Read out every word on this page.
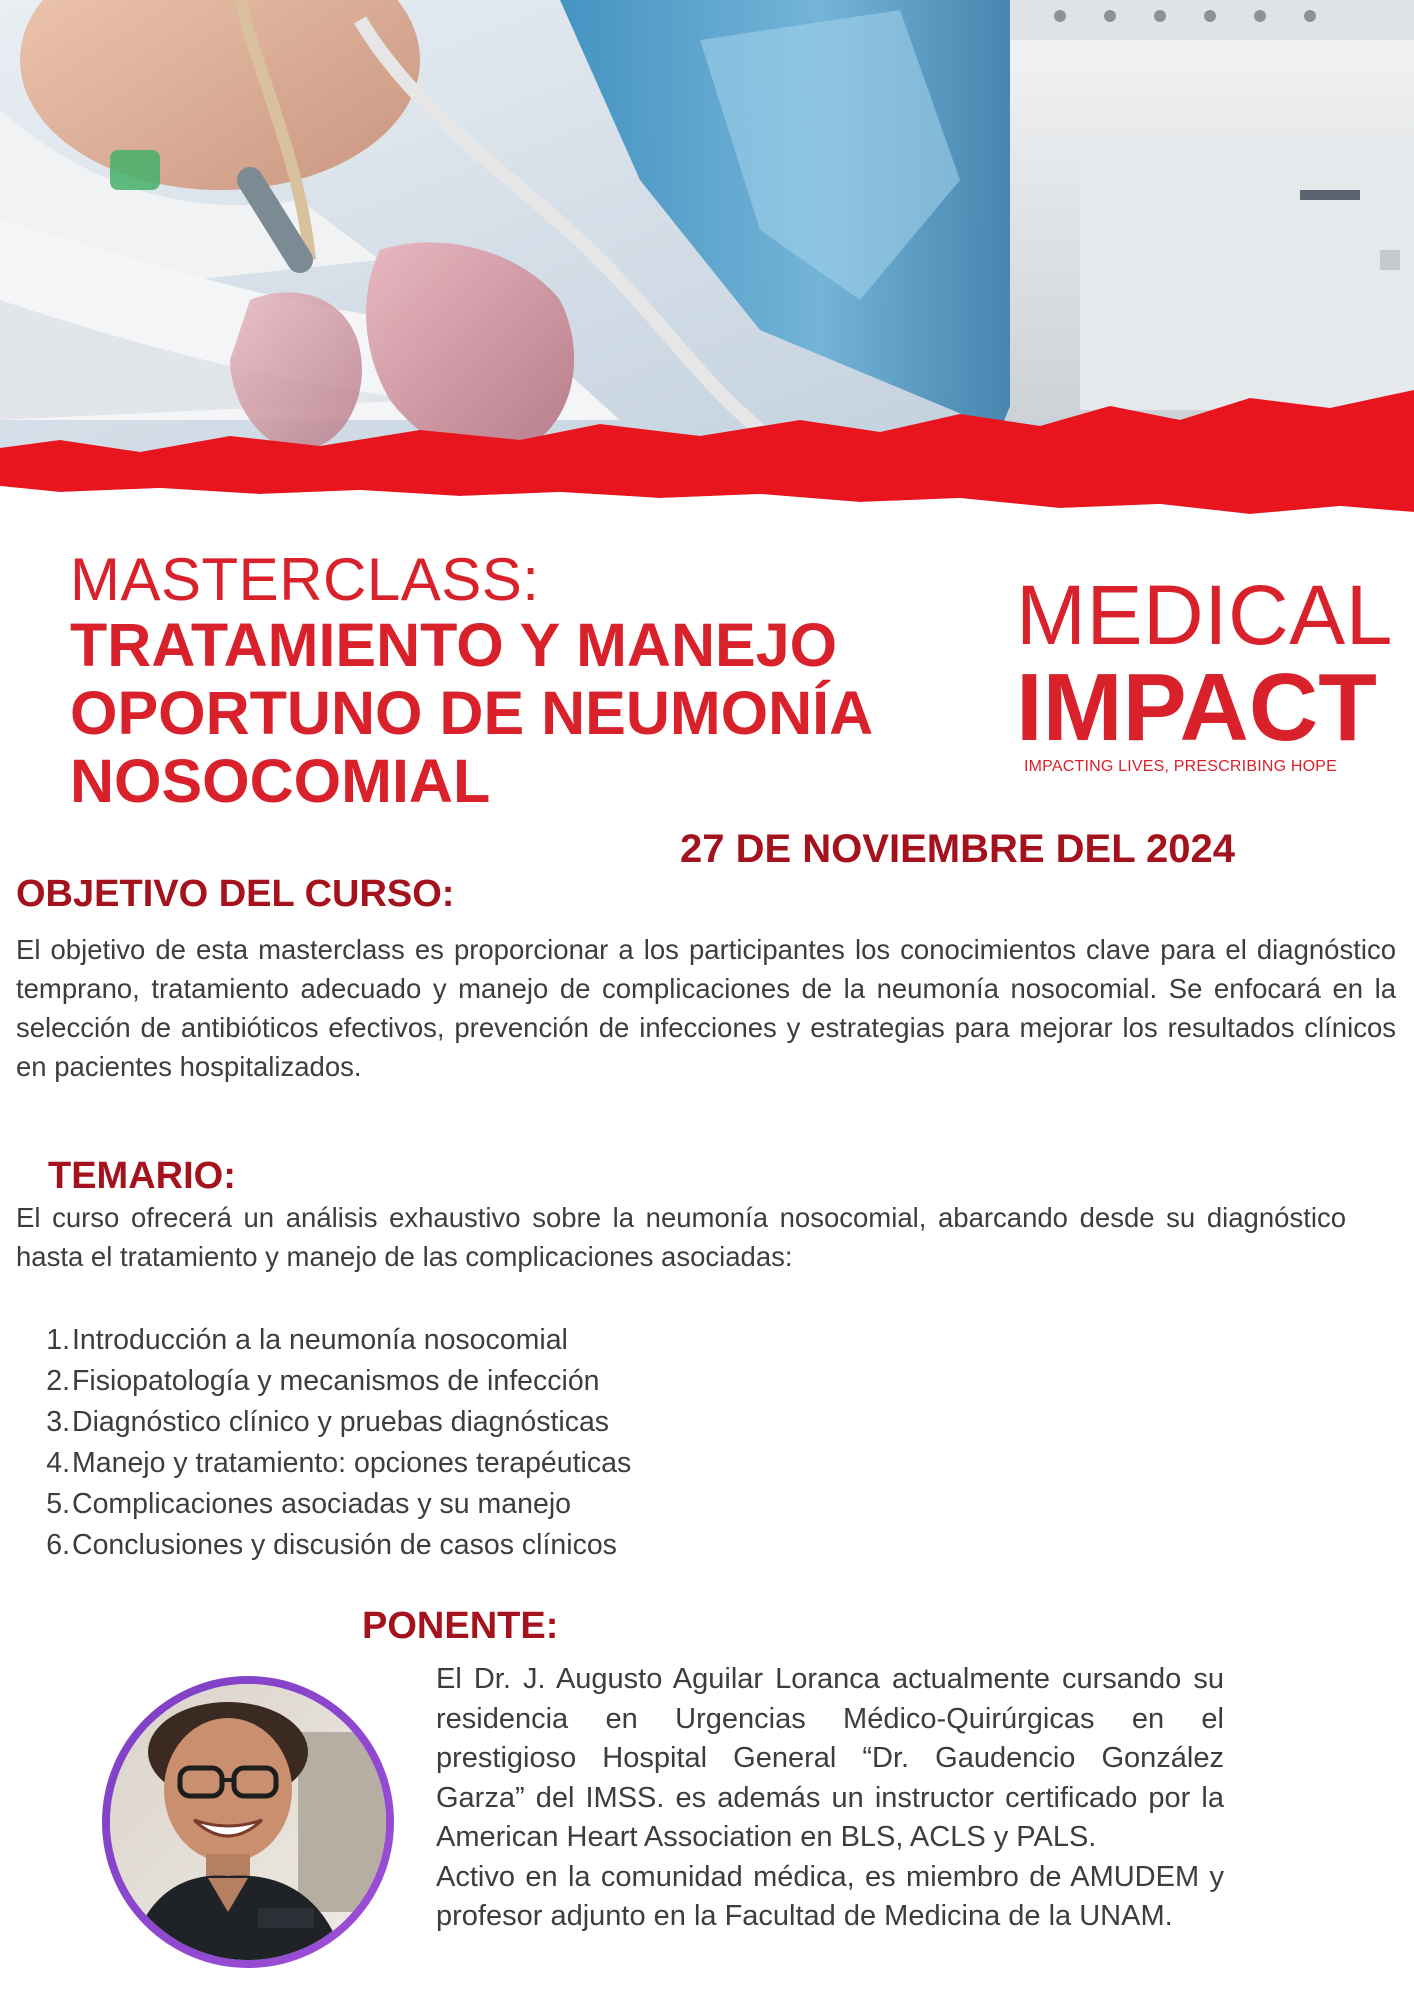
MASTERCLASS:
TRATAMIENTO Y MANEJO
OPORTUNO DE NEUMONÍA
NOSOCOMIAL
MEDICAL
IMPACT
IMPACTING LIVES, PRESCRIBING HOPE
27 DE NOVIEMBRE DEL 2024
OBJETIVO DEL CURSO:
El objetivo de esta masterclass es proporcionar a los participantes los conocimientos clave para el diagnóstico temprano, tratamiento adecuado y manejo de complicaciones de la neumonía nosocomial. Se enfocará en la selección de antibióticos efectivos, prevención de infecciones y estrategias para mejorar los resultados clínicos en pacientes hospitalizados.
TEMARIO:
El curso ofrecerá un análisis exhaustivo sobre la neumonía nosocomial, abarcando desde su diagnóstico hasta el tratamiento y manejo de las complicaciones asociadas:
1. Introducción a la neumonía nosocomial
2. Fisiopatología y mecanismos de infección
3. Diagnóstico clínico y pruebas diagnósticas
4. Manejo y tratamiento: opciones terapéuticas
5. Complicaciones asociadas y su manejo
6. Conclusiones y discusión de casos clínicos
PONENTE:

El Dr. J. Augusto Aguilar Loranca actualmente cursando su residencia en Urgencias Médico-Quirúrgicas en el prestigioso Hospital General “Dr. Gaudencio González Garza” del IMSS. es además un instructor certificado por la American Heart Association en BLS, ACLS y PALS.

Activo en la comunidad médica, es miembro de AMUDEM y profesor adjunto en la Facultad de Medicina de la UNAM.
